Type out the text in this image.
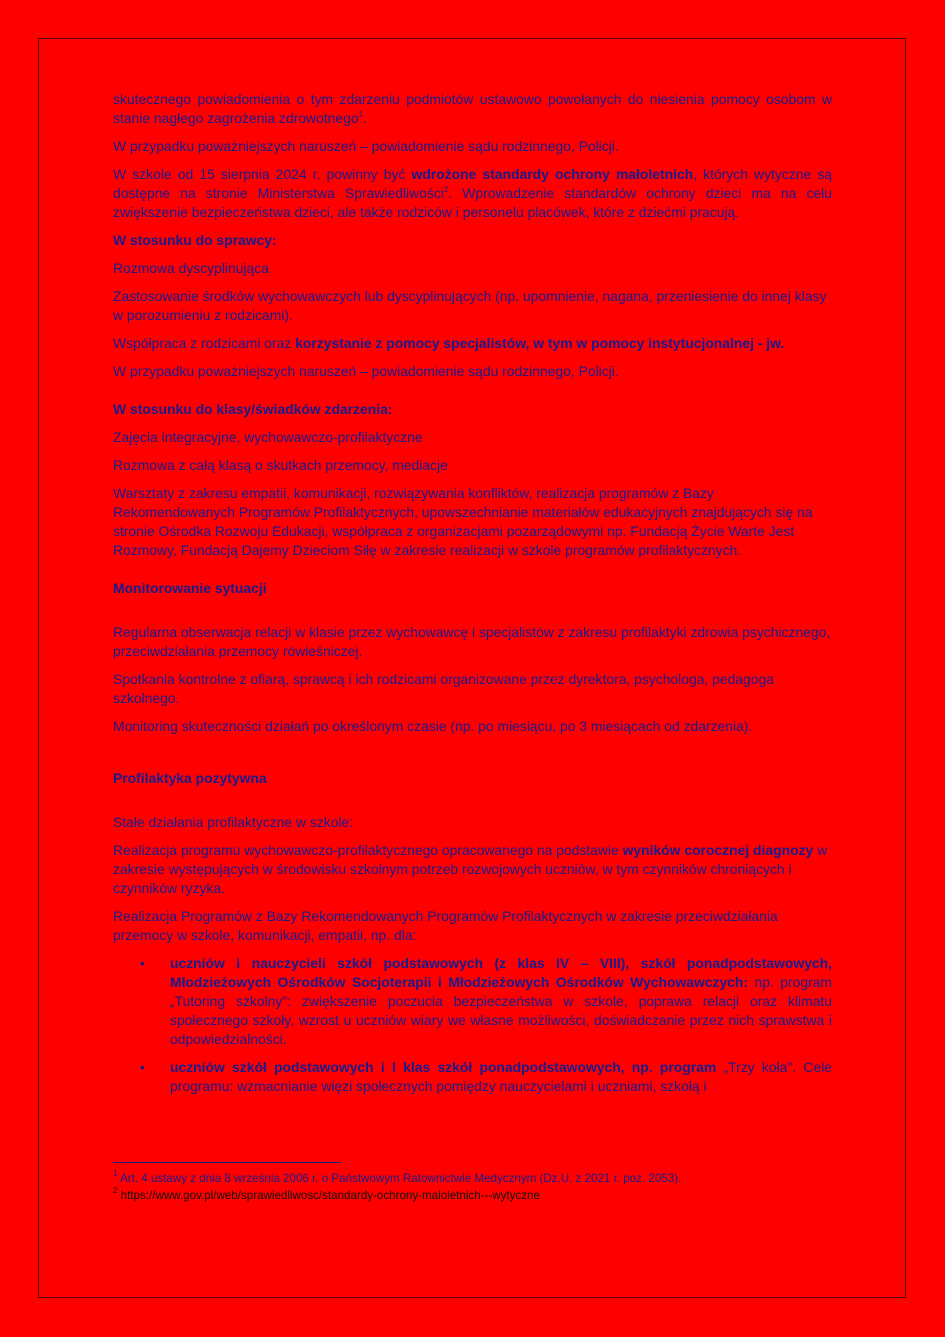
skutecznego powiadomienia o tym zdarzeniu podmiotów ustawowo powołanych do niesienia pomocy osobom w stanie nagłego zagrożenia zdrowotnego$^1$.

W przypadku poważniejszych naruszeń – powiadomienie sądu rodzinnego, Policji.

W szkole od 15 sierpnia 2024 r. powinny być wdrożone standardy ochrony małoletnich, których wytyczne są dostępne na stronie Ministerstwa Sprawiedliwości$^2$. Wprowadzenie standardów ochrony dzieci ma na celu zwiększenie bezpieczeństwa dzieci, ale także rodziców i personelu placówek, które z dziećmi pracują.

W stosunku do sprawcy:

Rozmowa dyscyplinująca

Zastosowanie środków wychowawczych lub dyscyplinujących (np. upomnienie, nagana, przeniesienie do innej klasy w porozumieniu z rodzicami).

Współpraca z rodzicami oraz korzystanie z pomocy specjalistów, w tym w pomocy instytucjonalnej - jw.

W przypadku poważniejszych naruszeń – powiadomienie sądu rodzinnego, Policji.

W stosunku do klasy/świadków zdarzenia:

Zajęcia integracyjne, wychowawczo-profilaktyczne

Rozmowa z całą klasą o skutkach przemocy, mediacje

Warsztaty z zakresu empatii, komunikacji, rozwiązywania konfliktów, realizacja programów z Bazy Rekomendowanych Programów Profilaktycznych, upowszechnianie materiałów edukacyjnych znajdujących się na stronie Ośrodka Rozwoju Edukacji, współpraca z organizacjami pozarządowymi np. Fundacją Życie Warte Jest Rozmowy, Fundacją Dajemy Dzieciom Siłę w zakresie realizacji w szkole programów profilaktycznych.

Monitorowanie sytuacji

Regularna obserwacja relacji w klasie przez wychowawcę i specjalistów z zakresu profilaktyki zdrowia psychicznego, przeciwdziałania przemocy rówieśniczej.

Spotkania kontrolne z ofiarą, sprawcą i ich rodzicami organizowane przez dyrektora, psychologa, pedagoga szkolnego.

Monitoring skuteczności działań po określonym czasie (np. po miesiącu, po 3 miesiącach od zdarzenia).

Profilaktyka pozytywna

Stałe działania profilaktyczne w szkole:

Realizacja programu wychowawczo-profilaktycznego opracowanego na podstawie wyników corocznej diagnozy w zakresie występujących w środowisku szkolnym potrzeb rozwojowych uczniów, w tym czynników chroniących i czynników ryzyka.

Realizacja Programów z Bazy Rekomendowanych Programów Profilaktycznych w zakresie przeciwdziałania przemocy w szkole, komunikacji, empatii, np. dla:

• uczniów i nauczycieli szkół podstawowych (z klas IV – VIII), szkół ponadpodstawowych, Młodzieżowych Ośrodków Socjoterapii i Młodzieżowych Ośrodków Wychowawczych: np. program „Tutoring szkolny": zwiększenie poczucia bezpieczeństwa w szkole, poprawa relacji oraz klimatu społecznego szkoły, wzrost u uczniów wiary we własne możliwości, doświadczanie przez nich sprawstwa i odpowiedzialności.
• uczniów szkół podstawowych i I klas szkół ponadpodstawowych, np. program „Trzy koła". Cele programu: wzmacnianie więzi społecznych pomiędzy nauczycielami i uczniami, szkołą i

$^1$ Art. 4 ustawy z dnia 8 września 2006 r. o Państwowym Ratownictwie Medycznym (Dz.U. z 2021 r. poz. 2053).

$^2$ https://www.gov.pl/web/sprawiedliwosc/standardy-ochrony-maloletnich---wytyczne
